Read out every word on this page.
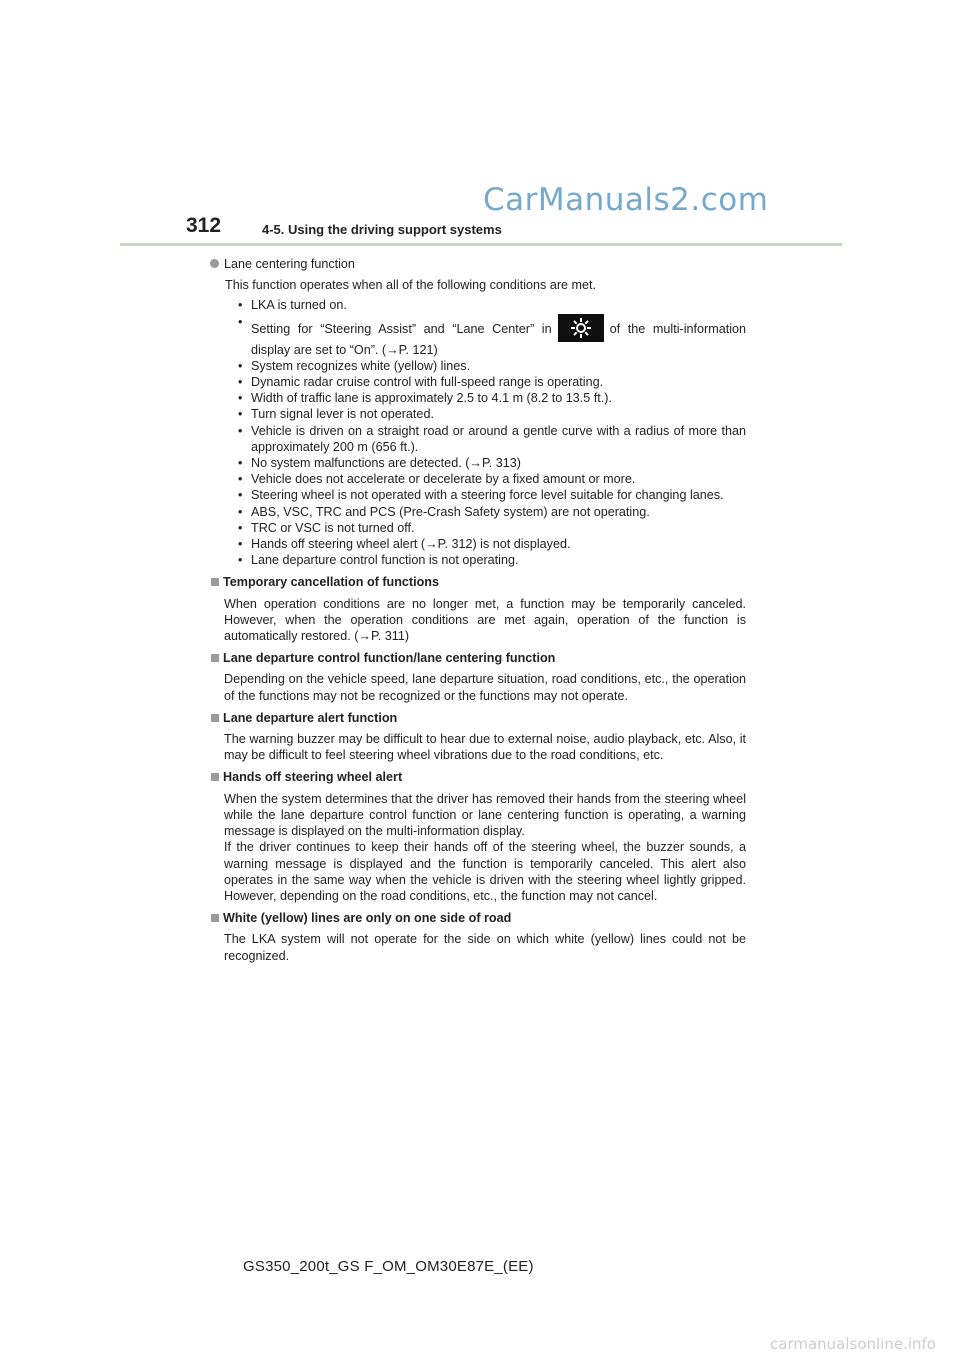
CarManuals2.com
312	4-5. Using the driving support systems
Lane centering function
This function operates when all of the following conditions are met.
• LKA is turned on.
• Setting for “Steering Assist” and “Lane Center” in	of the multi-information display are set to “On”. (→P. 121)
• System recognizes white (yellow) lines.
• Dynamic radar cruise control with full-speed range is operating.
• Width of traffic lane is approximately 2.5 to 4.1 m (8.2 to 13.5 ft.).
• Turn signal lever is not operated.
• Vehicle is driven on a straight road or around a gentle curve with a radius of more than approximately 200 m (656 ft.).
• No system malfunctions are detected. (→P. 313)
• Vehicle does not accelerate or decelerate by a fixed amount or more.
• Steering wheel is not operated with a steering force level suitable for changing lanes.
• ABS, VSC, TRC and PCS (Pre-Crash Safety system) are not operating.
• TRC or VSC is not turned off.
• Hands off steering wheel alert (→P. 312) is not displayed.
• Lane departure control function is not operating.
Temporary cancellation of functions
When operation conditions are no longer met, a function may be temporarily canceled. However, when the operation conditions are met again, operation of the function is automatically restored. (→P. 311)
Lane departure control function/lane centering function
Depending on the vehicle speed, lane departure situation, road conditions, etc., the operation of the functions may not be recognized or the functions may not operate.
Lane departure alert function
The warning buzzer may be difficult to hear due to external noise, audio playback, etc. Also, it may be difficult to feel steering wheel vibrations due to the road conditions, etc.
Hands off steering wheel alert
When the system determines that the driver has removed their hands from the steering wheel while the lane departure control function or lane centering function is operating, a warning message is displayed on the multi-information display.
If the driver continues to keep their hands off of the steering wheel, the buzzer sounds, a warning message is displayed and the function is temporarily canceled. This alert also operates in the same way when the vehicle is driven with the steering wheel lightly gripped. However, depending on the road conditions, etc., the function may not cancel.
White (yellow) lines are only on one side of road
The LKA system will not operate for the side on which white (yellow) lines could not be recognized.
GS350_200t_GS F_OM_OM30E87E_(EE)
carmanualsonline.info
